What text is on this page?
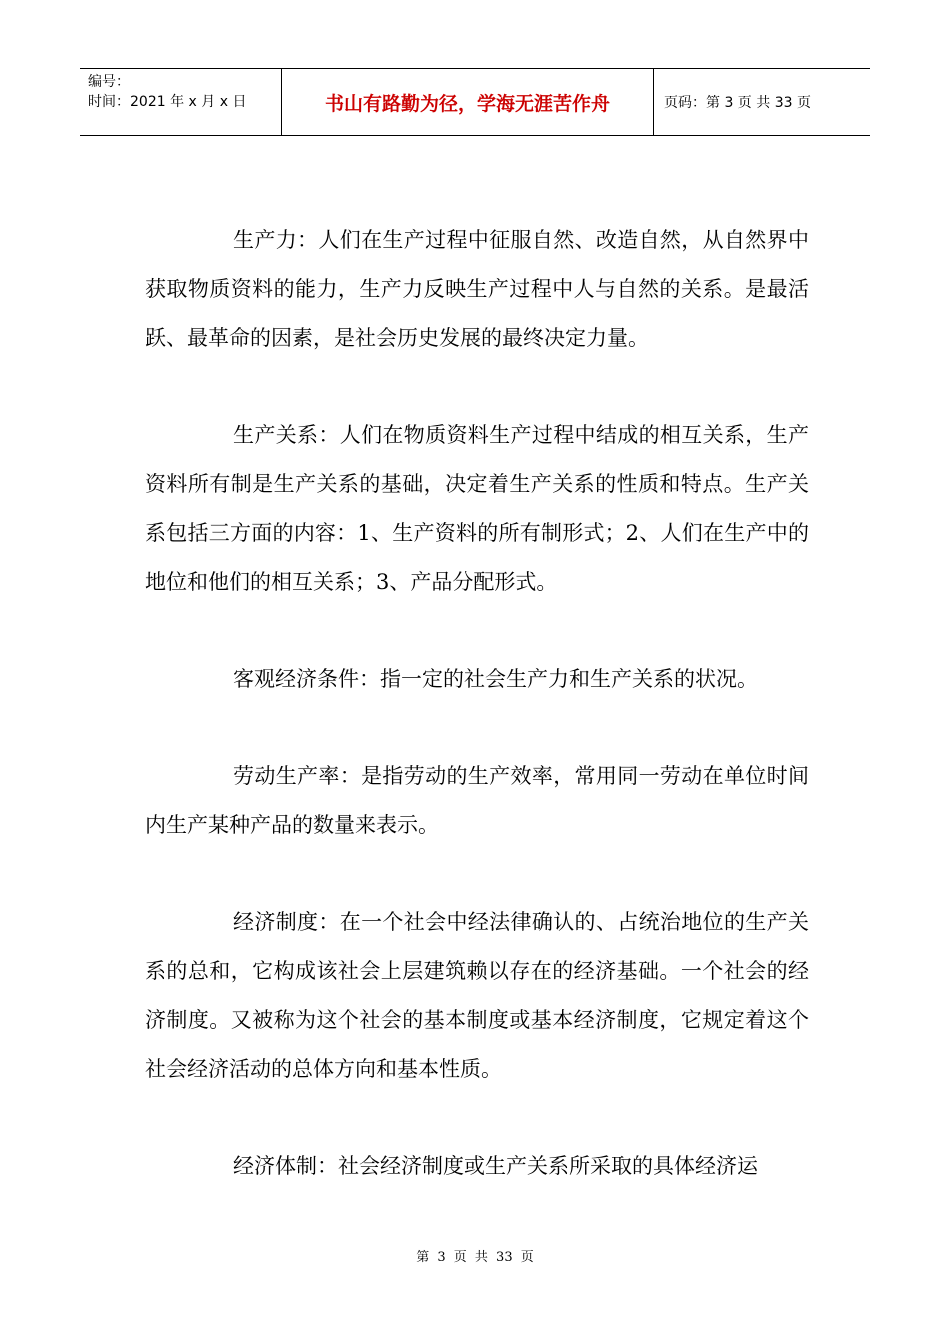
编号：
时间：2021 年 x 月 x 日	书山有路勤为径，学海无涯苦作舟	页码：第 3 页 共 33 页

生产力：人们在生产过程中征服自然、改造自然，从自然界中获取物质资料的能力，生产力反映生产过程中人与自然的关系。是最活跃、最革命的因素，是社会历史发展的最终决定力量。

生产关系：人们在物质资料生产过程中结成的相互关系，生产资料所有制是生产关系的基础，决定着生产关系的性质和特点。生产关系包括三方面的内容：1、生产资料的所有制形式；2、人们在生产中的地位和他们的相互关系；3、产品分配形式。

客观经济条件：指一定的社会生产力和生产关系的状况。

劳动生产率：是指劳动的生产效率，常用同一劳动在单位时间内生产某种产品的数量来表示。

经济制度：在一个社会中经法律确认的、占统治地位的生产关系的总和，它构成该社会上层建筑赖以存在的经济基础。一个社会的经济制度。又被称为这个社会的基本制度或基本经济制度，它规定着这个社会经济活动的总体方向和基本性质。

经济体制：社会经济制度或生产关系所采取的具体经济运

第 3 页 共 33 页
